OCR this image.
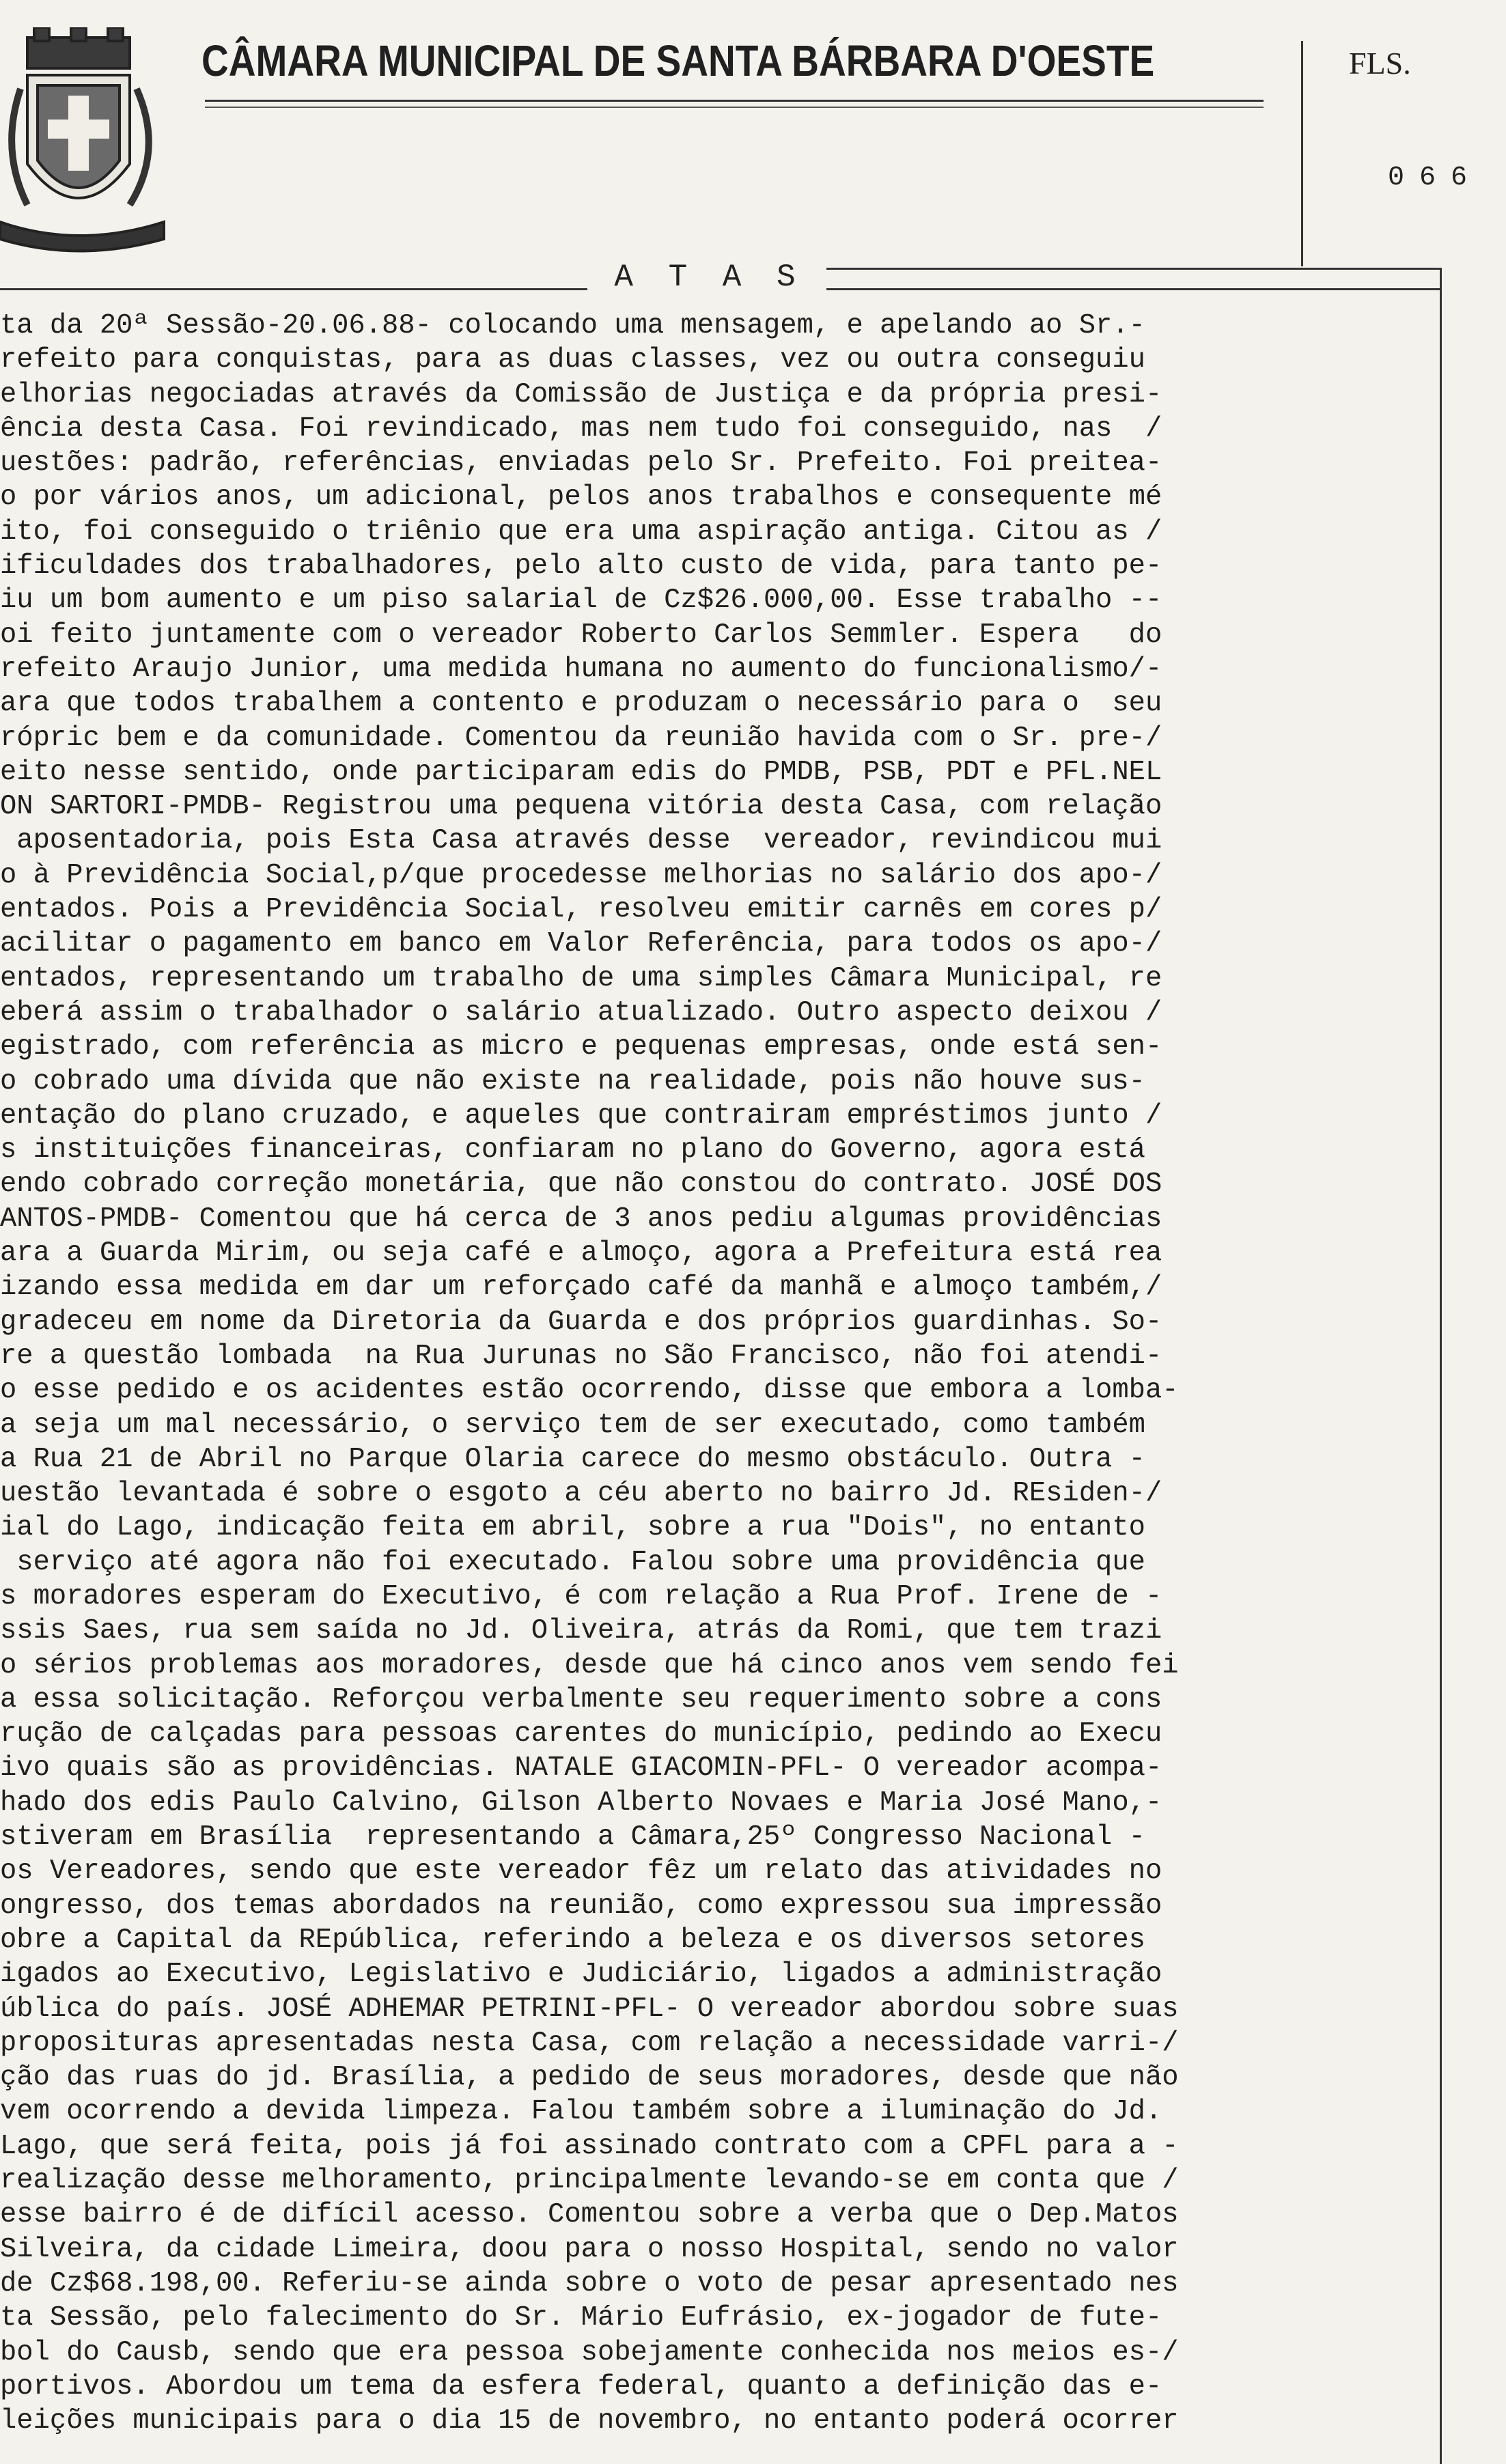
CÂMARA MUNICIPAL DE SANTA BÁRBARA D'OESTE	FLS.
066
A T A S
ta da 20ª Sessão-20.06.88- colocando uma mensagem, e apelando ao Sr.-
refeito para conquistas, para as duas classes, vez ou outra conseguiu
elhorias negociadas através da Comissão de Justiça e da própria presi-
ência desta Casa. Foi revindicado, mas nem tudo foi conseguido, nas  /
uestões: padrão, referências, enviadas pelo Sr. Prefeito. Foi preitea-
o por vários anos, um adicional, pelos anos trabalhos e consequente mé
ito, foi conseguido o triênio que era uma aspiração antiga. Citou as /
ificuldades dos trabalhadores, pelo alto custo de vida, para tanto pe-
iu um bom aumento e um piso salarial de Cz$26.000,00. Esse trabalho --
oi feito juntamente com o vereador Roberto Carlos Semmler. Espera   do
refeito Araujo Junior, uma medida humana no aumento do funcionalismo/-
ara que todos trabalhem a contento e produzam o necessário para o  seu
rópric bem e da comunidade. Comentou da reunião havida com o Sr. pre-/
eito nesse sentido, onde participaram edis do PMDB, PSB, PDT e PFL.NEL
ON SARTORI-PMDB- Registrou uma pequena vitória desta Casa, com relação
aposentadoria, pois Esta Casa através desse  vereador, revindicou mui
o à Previdência Social,p/que procedesse melhorias no salário dos apo-/
entados. Pois a Previdência Social, resolveu emitir carnês em cores p/
acilitar o pagamento em banco em Valor Referência, para todos os apo-/
entados, representando um trabalho de uma simples Câmara Municipal, re
eberá assim o trabalhador o salário atualizado. Outro aspecto deixou /
egistrado, com referência as micro e pequenas empresas, onde está sen-
o cobrado uma dívida que não existe na realidade, pois não houve sus-
entação do plano cruzado, e aqueles que contrairam empréstimos junto /
s instituições financeiras, confiaram no plano do Governo, agora está
endo cobrado correção monetária, que não constou do contrato. JOSÉ DOS
ANTOS-PMDB- Comentou que há cerca de 3 anos pediu algumas providências
ara a Guarda Mirim, ou seja café e almoço, agora a Prefeitura está rea
izando essa medida em dar um reforçado café da manhã e almoço também,/
gradeceu em nome da Diretoria da Guarda e dos próprios guardinhas. So-
re a questão lombada  na Rua Jurunas no São Francisco, não foi atendi-
o esse pedido e os acidentes estão ocorrendo, disse que embora a lomba-
a seja um mal necessário, o serviço tem de ser executado, como também
a Rua 21 de Abril no Parque Olaria carece do mesmo obstáculo. Outra -
uestão levantada é sobre o esgoto a céu aberto no bairro Jd. REsiden-/
ial do Lago, indicação feita em abril, sobre a rua "Dois", no entanto
serviço até agora não foi executado. Falou sobre uma providência que
s moradores esperam do Executivo, é com relação a Rua Prof. Irene de -
ssis Saes, rua sem saída no Jd. Oliveira, atrás da Romi, que tem trazi
o sérios problemas aos moradores, desde que há cinco anos vem sendo fei
a essa solicitação. Reforçou verbalmente seu requerimento sobre a cons
rução de calçadas para pessoas carentes do município, pedindo ao Execu
ivo quais são as providências. NATALE GIACOMIN-PFL- O vereador acompa-
hado dos edis Paulo Calvino, Gilson Alberto Novaes e Maria José Mano,-
stiveram em Brasília  representando a Câmara,25º Congresso Nacional -
os Vereadores, sendo que este vereador fêz um relato das atividades no
ongresso, dos temas abordados na reunião, como expressou sua impressão
obre a Capital da REpública, referindo a beleza e os diversos setores
igados ao Executivo, Legislativo e Judiciário, ligados a administração
ública do país. JOSÉ ADHEMAR PETRINI-PFL- O vereador abordou sobre suas
proposituras apresentadas nesta Casa, com relação a necessidade varri-/
ção das ruas do jd. Brasília, a pedido de seus moradores, desde que não
vem ocorrendo a devida limpeza. Falou também sobre a iluminação do Jd.
Lago, que será feita, pois já foi assinado contrato com a CPFL para a -
realização desse melhoramento, principalmente levando-se em conta que /
esse bairro é de difícil acesso. Comentou sobre a verba que o Dep.Matos
Silveira, da cidade Limeira, doou para o nosso Hospital, sendo no valor
de Cz$68.198,00. Referiu-se ainda sobre o voto de pesar apresentado nes
ta Sessão, pelo falecimento do Sr. Mário Eufrásio, ex-jogador de fute-
bol do Causb, sendo que era pessoa sobejamente conhecida nos meios es-/
portivos. Abordou um tema da esfera federal, quanto a definição das e-
leições municipais para o dia 15 de novembro, no entanto poderá ocorrer
